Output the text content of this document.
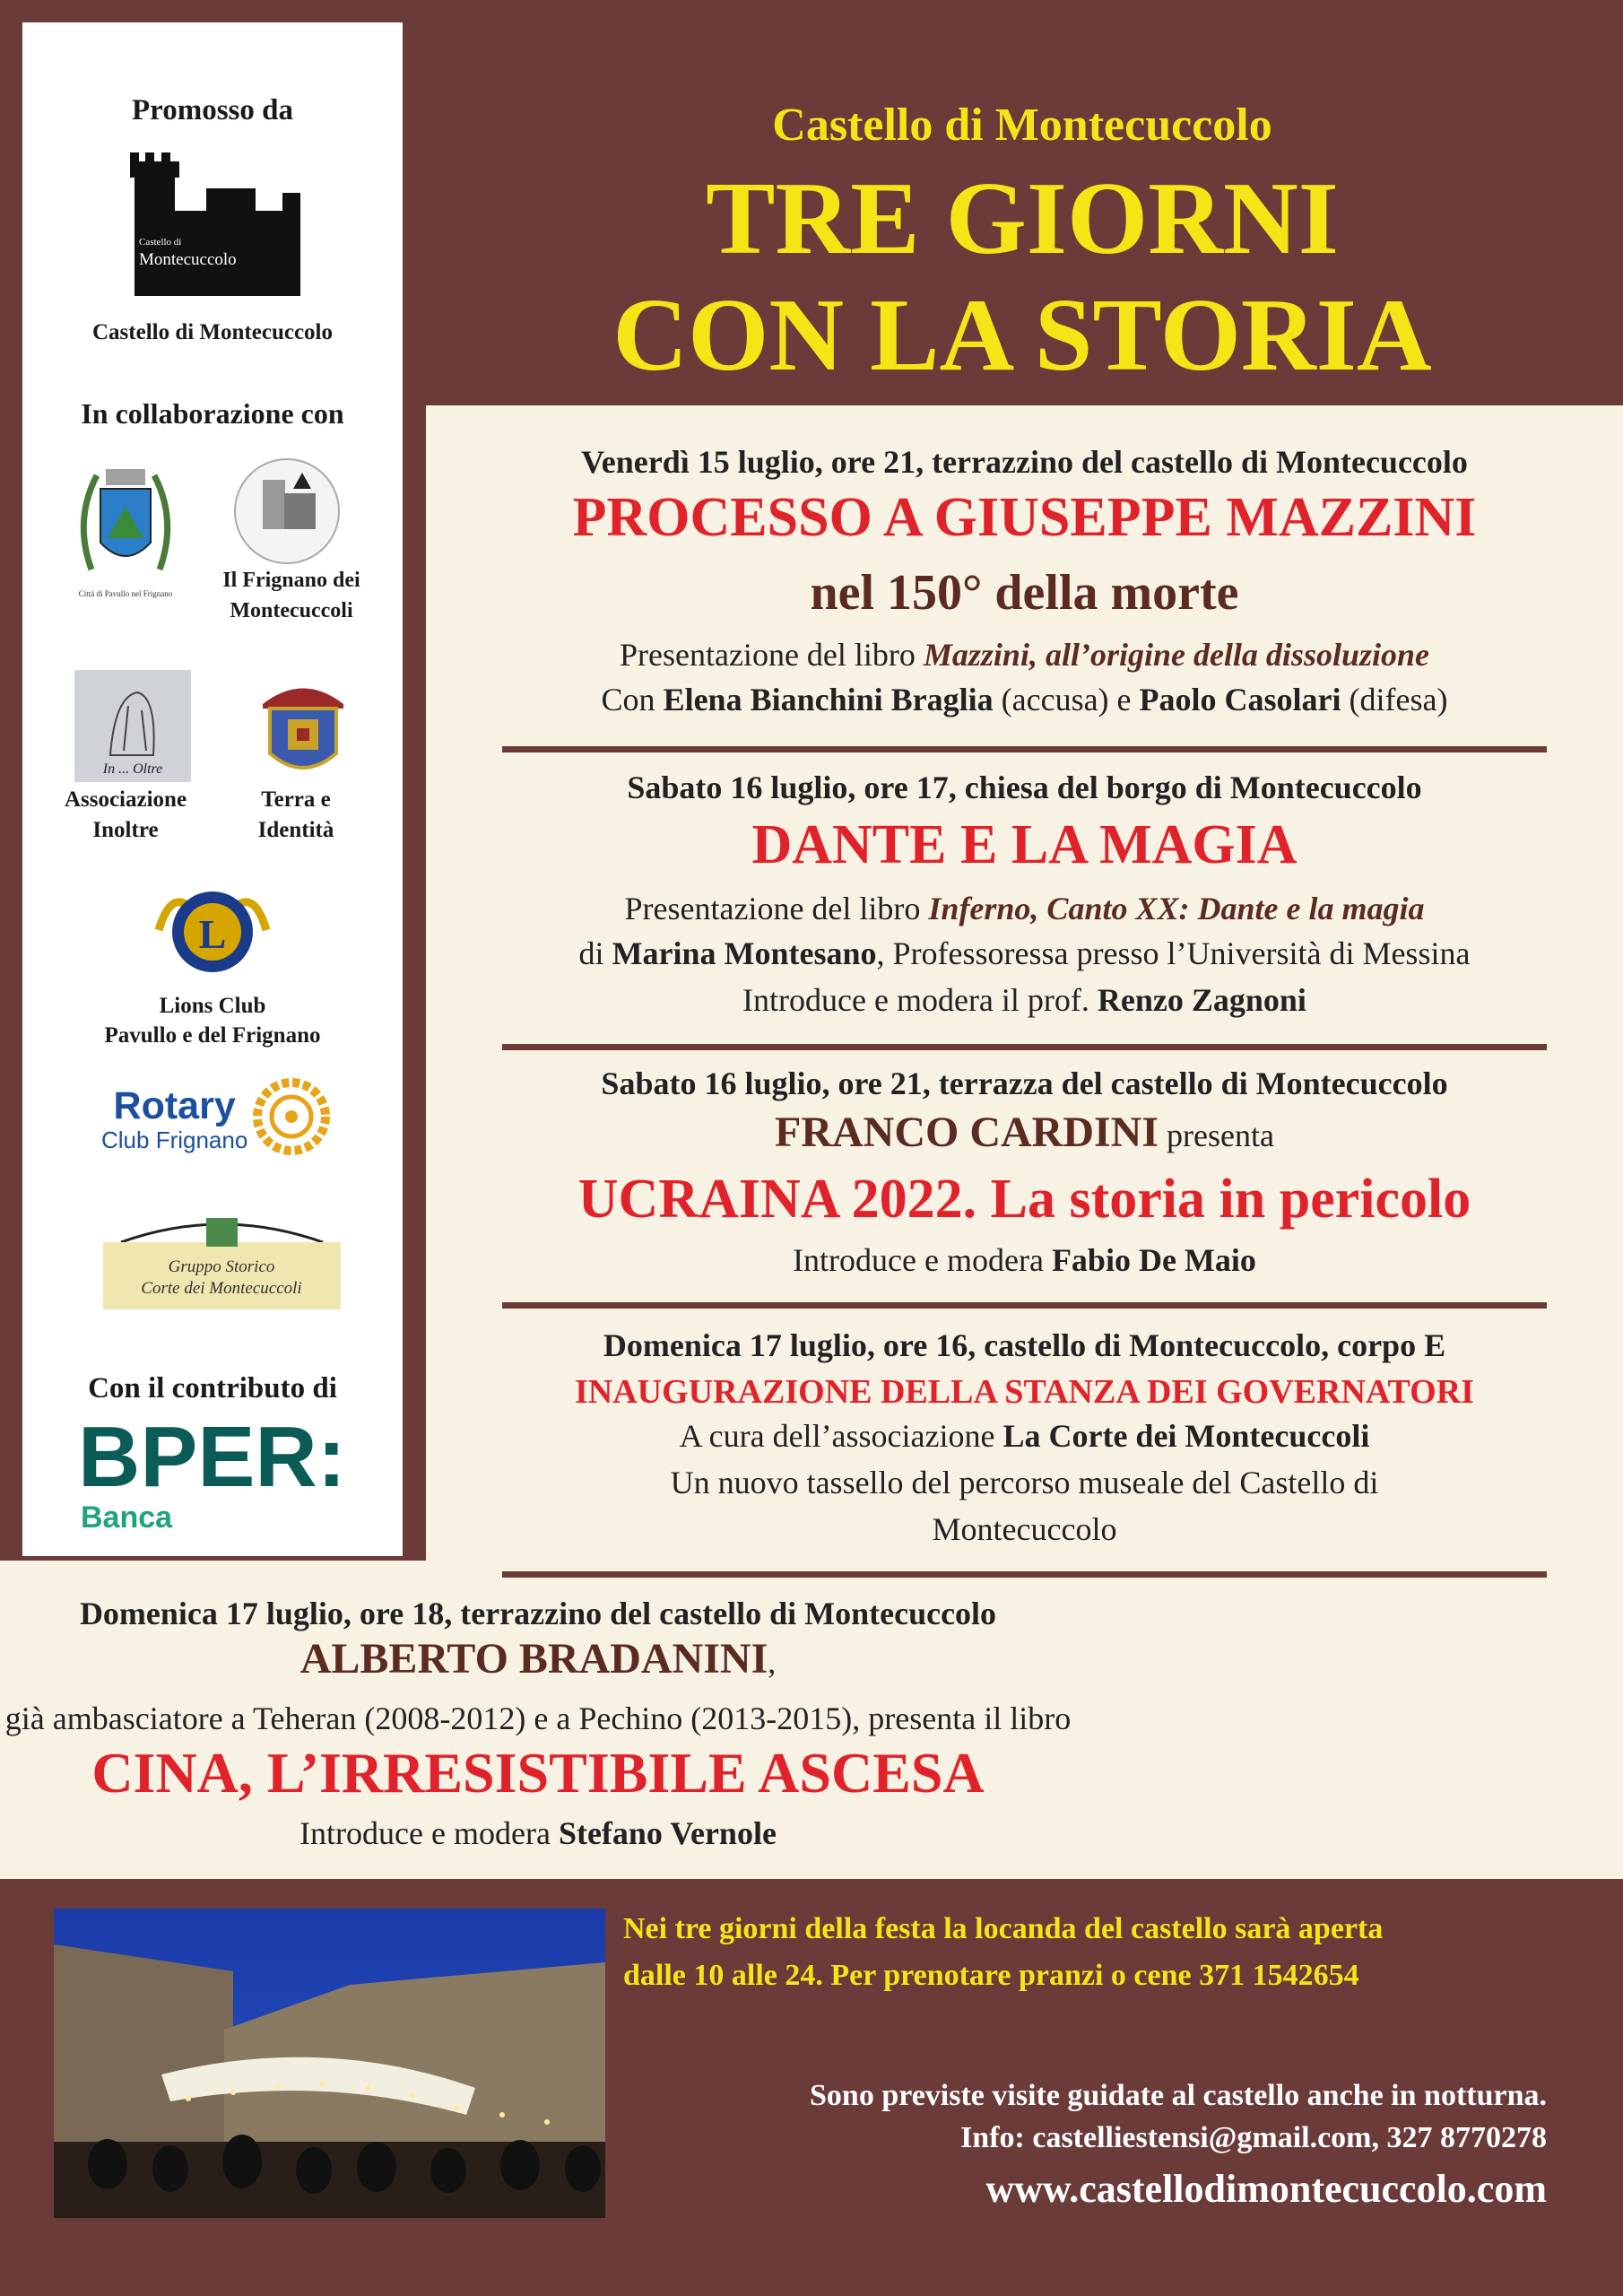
Promosso da
Castello di
Montecuccolo
Castello di Montecuccolo
In collaborazione con
Città di Pavullo nel Frignano
Il Frignano dei
Montecuccoli
In ... Oltre
Associazione
Inoltre
Terra e
Identità
L
Lions Club
Pavullo e del Frignano
Rotary
Club Frignano
Gruppo Storico
Corte dei Montecuccoli
Con il contributo di
BPER:
Banca
Castello di Montecuccolo
TRE GIORNI
CON LA STORIA
Venerdì 15 luglio, ore 21, terrazzino del castello di Montecuccolo
PROCESSO A GIUSEPPE MAZZINI
nel 150° della morte
Presentazione del libro Mazzini, all’origine della dissoluzione
Con Elena Bianchini Braglia (accusa) e Paolo Casolari (difesa)
Sabato 16 luglio, ore 17, chiesa del borgo di Montecuccolo
DANTE E LA MAGIA
Presentazione del libro Inferno, Canto XX: Dante e la magia
di Marina Montesano, Professoressa presso l’Università di Messina
Introduce e modera il prof. Renzo Zagnoni
Sabato 16 luglio, ore 21, terrazza del castello di Montecuccolo
FRANCO CARDINI presenta
UCRAINA 2022. La storia in pericolo
Introduce e modera Fabio De Maio
Domenica 17 luglio, ore 16, castello di Montecuccolo, corpo E
INAUGURAZIONE DELLA STANZA DEI GOVERNATORI
A cura dell’associazione La Corte dei Montecuccoli
Un nuovo tassello del percorso museale del Castello di
Montecuccolo
Domenica 17 luglio, ore 18, terrazzino del castello di Montecuccolo
ALBERTO BRADANINI,
già ambasciatore a Teheran (2008-2012) e a Pechino (2013-2015), presenta il libro
CINA, L’IRRESISTIBILE ASCESA
Introduce e modera Stefano Vernole
Nei tre giorni della festa la locanda del castello sarà aperta
dalle 10 alle 24. Per prenotare pranzi o cene 371 1542654
Sono previste visite guidate al castello anche in notturna.
Info: castelliestensi@gmail.com, 327 8770278
www.castellodimontecuccolo.com
